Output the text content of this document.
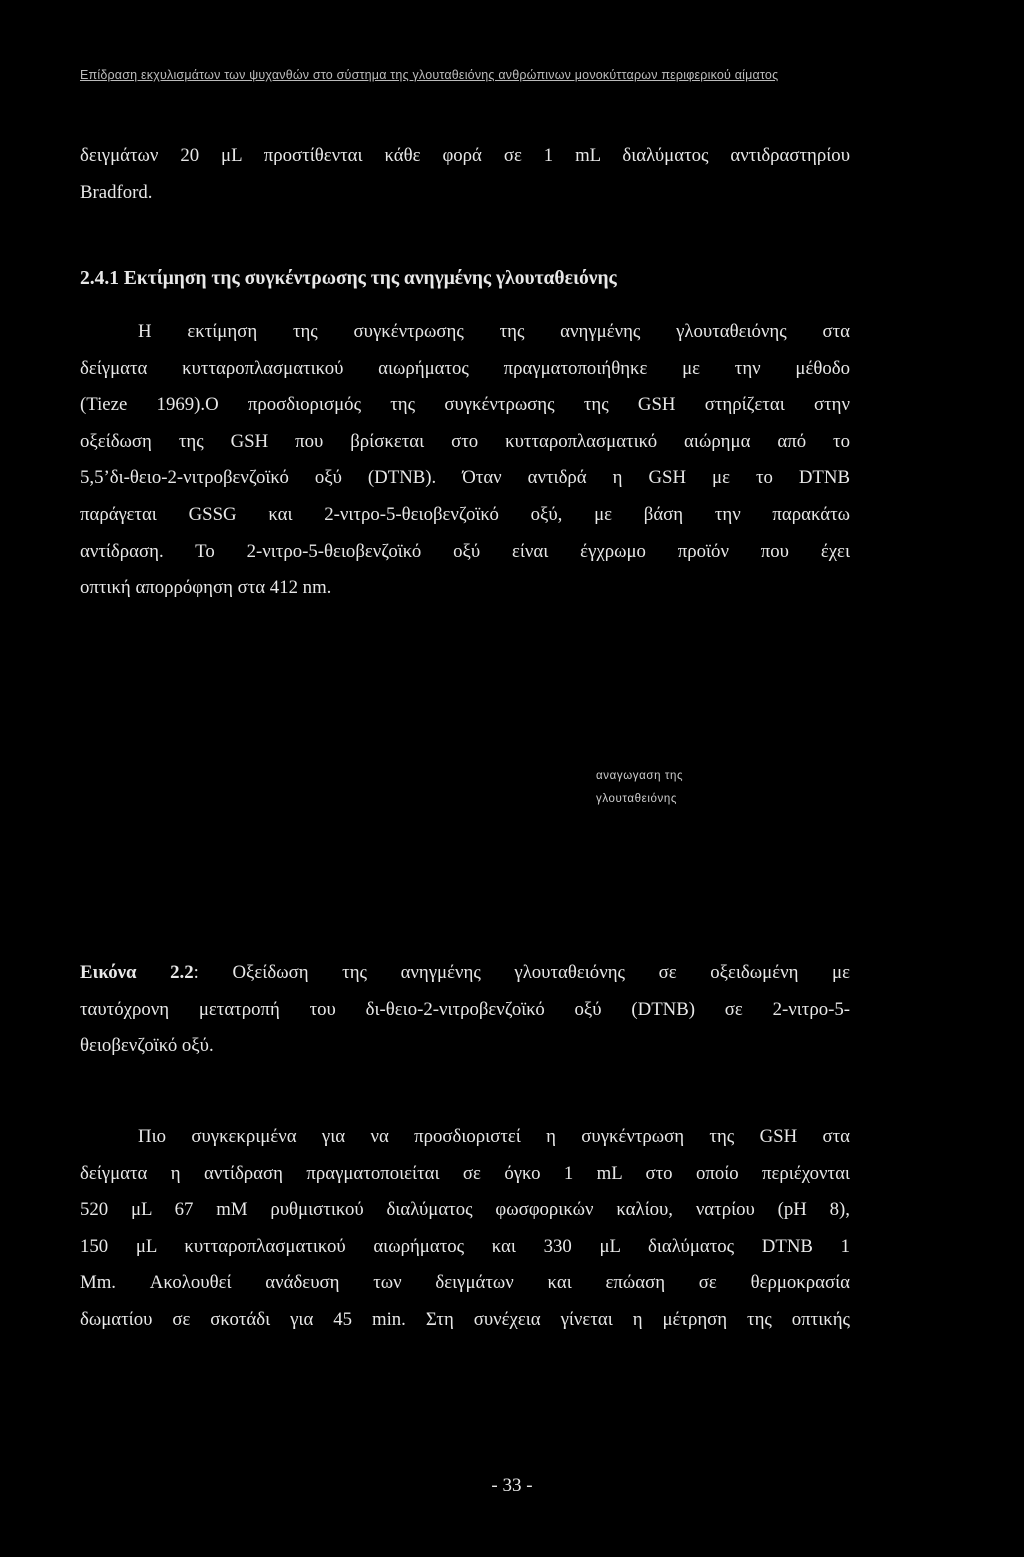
Επίδραση εκχυλισμάτων των ψυχανθών στο σύστημα της γλουταθειόνης ανθρώπινων μονοκύτταρων περιφερικού αίματος
δειγμάτων 20 μL προστίθενται κάθε φορά σε 1 mL διαλύματος αντιδραστηρίου
Bradford.
2.4.1 Εκτίμηση της συγκέντρωσης της ανηγμένης γλουταθειόνης
Η εκτίμηση της συγκέντρωσης της ανηγμένης γλουταθειόνης στα
δείγματα κυτταροπλασματικού αιωρήματος πραγματοποιήθηκε με την μέθοδο
(Tieze 1969).Ο προσδιορισμός της συγκέντρωσης της GSH στηρίζεται στην
οξείδωση της GSH που βρίσκεται στο κυτταροπλασματικό αιώρημα από το
5,5’δι-θειο-2-νιτροβενζοϊκό οξύ (DTNB). Όταν αντιδρά η GSH με το DTNB
παράγεται GSSG και 2-νιτρο-5-θειοβενζοϊκό οξύ, με βάση την παρακάτω
αντίδραση. Το 2-νιτρο-5-θειοβενζοϊκό οξύ είναι έγχρωμο προϊόν που έχει
οπτική απορρόφηση στα 412 nm.
αναγωγαση της
γλουταθειόνης
Εικόνα 2.2: Οξείδωση της ανηγμένης γλουταθειόνης σε οξειδωμένη με
ταυτόχρονη μετατροπή του δι-θειο-2-νιτροβενζοϊκό οξύ (DTNB) σε 2-νιτρο-5-
θειοβενζοϊκό οξύ.
Πιο συγκεκριμένα για να προσδιοριστεί η συγκέντρωση της GSH στα
δείγματα η αντίδραση πραγματοποιείται σε όγκο 1 mL στο οποίο περιέχονται
520 μL 67 mM ρυθμιστικού διαλύματος φωσφορικών καλίου, νατρίου (pH 8),
150 μL κυτταροπλασματικού αιωρήματος και 330 μL διαλύματος DTNB 1
Mm. Ακολουθεί ανάδευση των δειγμάτων και επώαση σε θερμοκρασία
δωματίου σε σκοτάδι για 45 min. Στη συνέχεια γίνεται η μέτρηση της οπτικής
- 33 -
